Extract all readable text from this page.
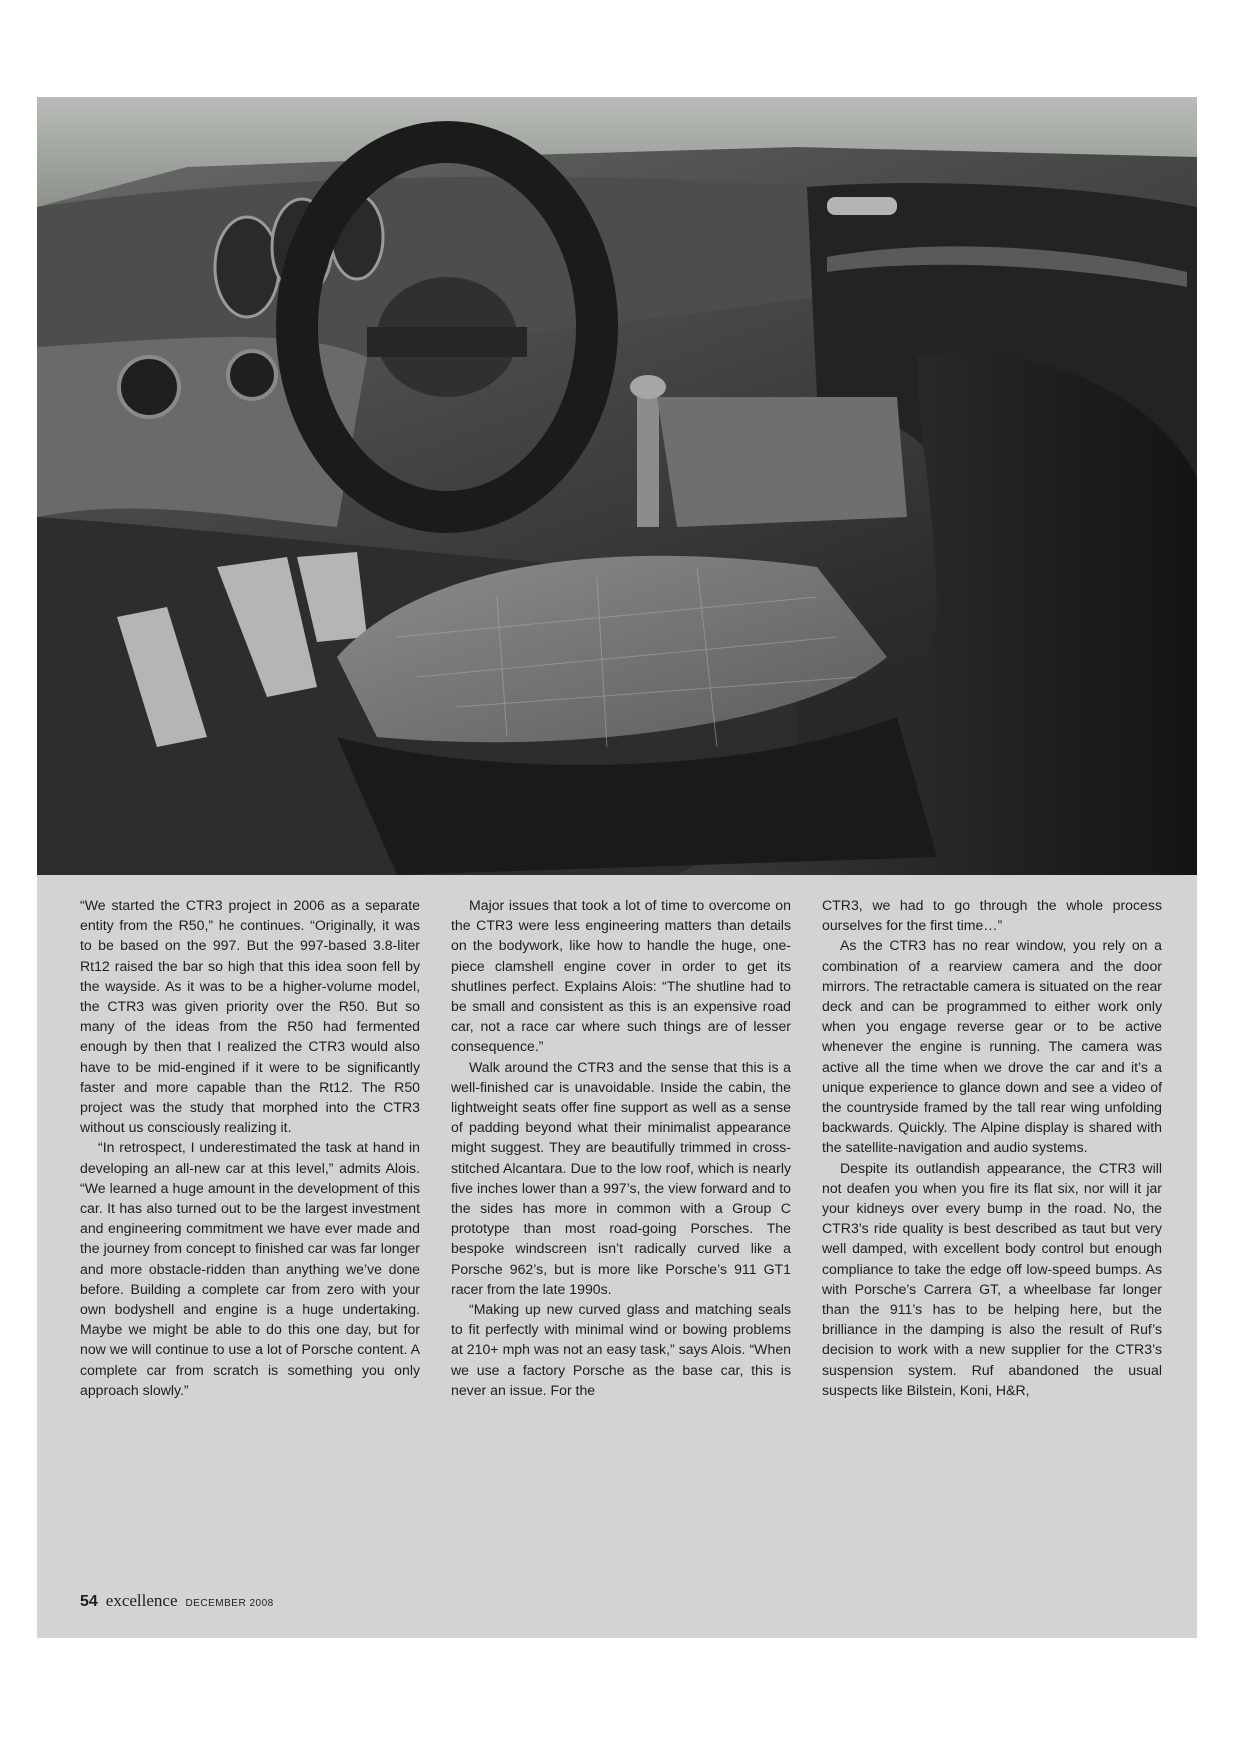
“We started the CTR3 project in 2006 as a separate entity from the R50,” he continues. “Originally, it was to be based on the 997. But the 997-based 3.8-liter Rt12 raised the bar so high that this idea soon fell by the wayside. As it was to be a higher-volume model, the CTR3 was given priority over the R50. But so many of the ideas from the R50 had fermented enough by then that I realized the CTR3 would also have to be mid-engined if it were to be significantly faster and more capable than the Rt12. The R50 project was the study that morphed into the CTR3 without us consciously realizing it.

“In retrospect, I underestimated the task at hand in developing an all-new car at this level,” admits Alois. “We learned a huge amount in the development of this car. It has also turned out to be the largest investment and engineering commitment we have ever made and the journey from concept to finished car was far longer and more obstacle-ridden than anything we’ve done before. Building a complete car from zero with your own bodyshell and engine is a huge undertaking. Maybe we might be able to do this one day, but for now we will continue to use a lot of Porsche content. A complete car from scratch is something you only approach slowly.”

Major issues that took a lot of time to overcome on the CTR3 were less engineering matters than details on the bodywork, like how to handle the huge, one-piece clamshell engine cover in order to get its shutlines perfect. Explains Alois: “The shutline had to be small and consistent as this is an expensive road car, not a race car where such things are of lesser consequence.”

Walk around the CTR3 and the sense that this is a well-finished car is unavoidable. Inside the cabin, the lightweight seats offer fine support as well as a sense of padding beyond what their minimalist appearance might suggest. They are beautifully trimmed in cross-stitched Alcantara. Due to the low roof, which is nearly five inches lower than a 997’s, the view forward and to the sides has more in common with a Group C prototype than most road-going Porsches. The bespoke windscreen isn’t radically curved like a Porsche 962’s, but is more like Porsche’s 911 GT1 racer from the late 1990s.

“Making up new curved glass and matching seals to fit perfectly with minimal wind or bowing problems at 210+ mph was not an easy task,” says Alois. “When we use a factory Porsche as the base car, this is never an issue. For the

CTR3, we had to go through the whole process ourselves for the first time…”

As the CTR3 has no rear window, you rely on a combination of a rearview camera and the door mirrors. The retractable camera is situated on the rear deck and can be programmed to either work only when you engage reverse gear or to be active whenever the engine is running. The camera was active all the time when we drove the car and it’s a unique experience to glance down and see a video of the countryside framed by the tall rear wing unfolding backwards. Quickly. The Alpine display is shared with the satellite-navigation and audio systems.

Despite its outlandish appearance, the CTR3 will not deafen you when you fire its flat six, nor will it jar your kidneys over every bump in the road. No, the CTR3’s ride quality is best described as taut but very well damped, with excellent body control but enough compliance to take the edge off low-speed bumps. As with Porsche’s Carrera GT, a wheelbase far longer than the 911’s has to be helping here, but the brilliance in the damping is also the result of Ruf’s decision to work with a new supplier for the CTR3’s suspension system. Ruf abandoned the usual suspects like Bilstein, Koni, H&R,

54 excellence DECEMBER 2008
